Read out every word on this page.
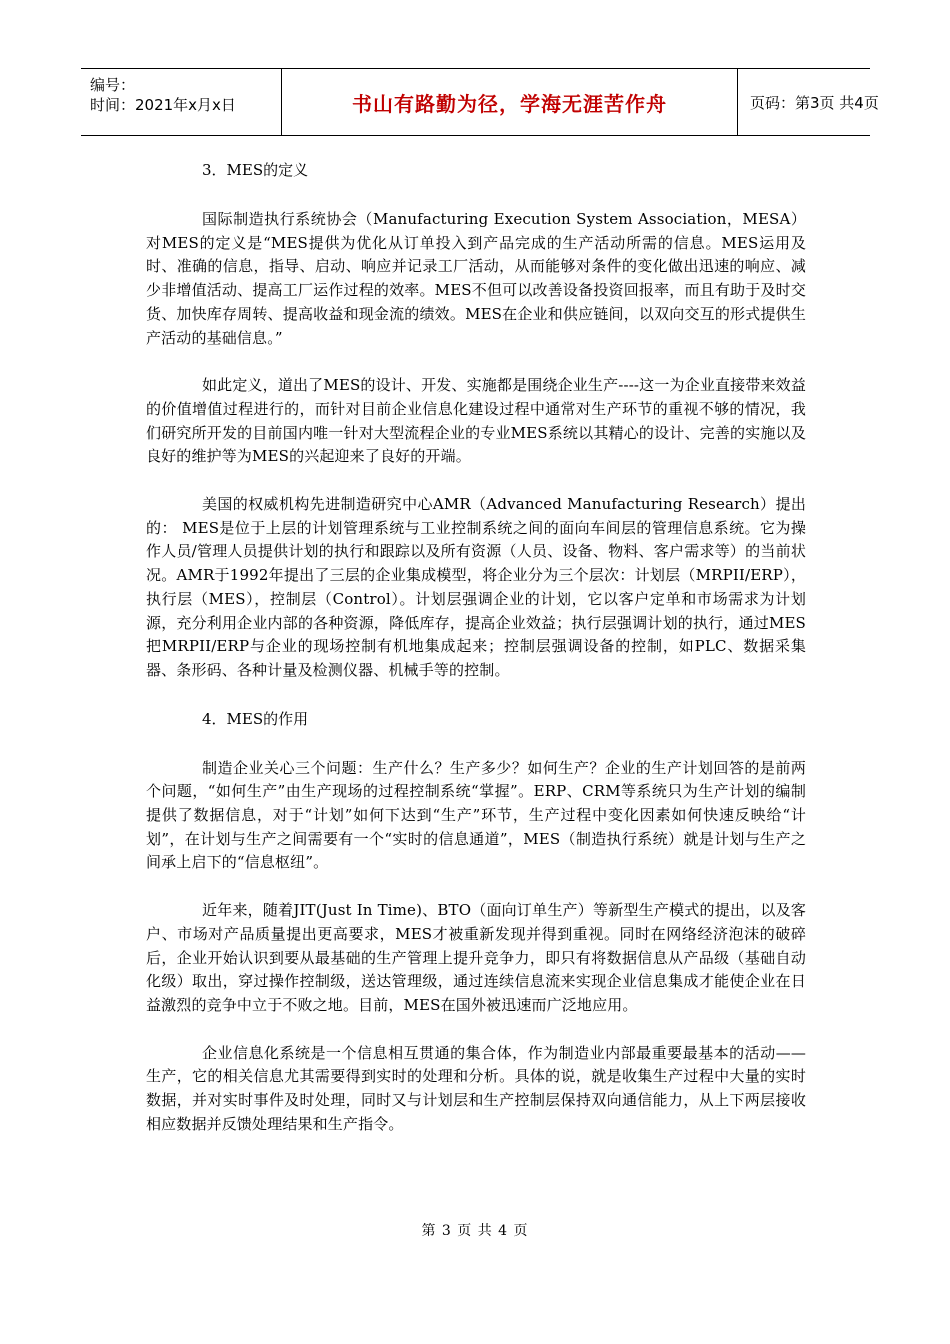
编号：
时间：2021年x月x日	书山有路勤为径，学海无涯苦作舟	页码：第3页 共4页
3．MES的定义

国际制造执行系统协会（Manufacturing Execution System Association，MESA）对MES的定义是“MES提供为优化从订单投入到产品完成的生产活动所需的信息。MES运用及时、准确的信息，指导、启动、响应并记录工厂活动，从而能够对条件的变化做出迅速的响应、减少非增值活动、提高工厂运作过程的效率。MES不但可以改善设备投资回报率，而且有助于及时交货、加快库存周转、提高收益和现金流的绩效。MES在企业和供应链间，以双向交互的形式提供生产活动的基础信息。”

如此定义，道出了MES的设计、开发、实施都是围绕企业生产----这一为企业直接带来效益的价值增值过程进行的，而针对目前企业信息化建设过程中通常对生产环节的重视不够的情况，我们研究所开发的目前国内唯一针对大型流程企业的专业MES系统以其精心的设计、完善的实施以及良好的维护等为MES的兴起迎来了良好的开端。

美国的权威机构先进制造研究中心AMR（Advanced Manufacturing Research）提出的： MES是位于上层的计划管理系统与工业控制系统之间的面向车间层的管理信息系统。它为操作人员/管理人员提供计划的执行和跟踪以及所有资源（人员、设备、物料、客户需求等）的当前状况。AMR于1992年提出了三层的企业集成模型，将企业分为三个层次：计划层（MRPII/ERP），执行层（MES），控制层（Control）。计划层强调企业的计划，它以客户定单和市场需求为计划源，充分利用企业内部的各种资源，降低库存，提高企业效益；执行层强调计划的执行，通过MES把MRPII/ERP与企业的现场控制有机地集成起来；控制层强调设备的控制，如PLC、数据采集器、条形码、各种计量及检测仪器、机械手等的控制。

4．MES的作用

制造企业关心三个问题：生产什么？生产多少？如何生产？企业的生产计划回答的是前两个问题，“如何生产”由生产现场的过程控制系统“掌握”。ERP、CRM等系统只为生产计划的编制提供了数据信息，对于“计划”如何下达到“生产”环节，生产过程中变化因素如何快速反映给“计划”，在计划与生产之间需要有一个“实时的信息通道”，MES（制造执行系统）就是计划与生产之间承上启下的“信息枢纽”。

近年来，随着JIT(Just In Time)、BTO（面向订单生产）等新型生产模式的提出，以及客户、市场对产品质量提出更高要求，MES才被重新发现并得到重视。同时在网络经济泡沫的破碎后，企业开始认识到要从最基础的生产管理上提升竞争力，即只有将数据信息从产品级（基础自动化级）取出，穿过操作控制级，送达管理级，通过连续信息流来实现企业信息集成才能使企业在日益激烈的竞争中立于不败之地。目前，MES在国外被迅速而广泛地应用。

企业信息化系统是一个信息相互贯通的集合体，作为制造业内部最重要最基本的活动——生产，它的相关信息尤其需要得到实时的处理和分析。具体的说，就是收集生产过程中大量的实时数据，并对实时事件及时处理，同时又与计划层和生产控制层保持双向通信能力，从上下两层接收相应数据并反馈处理结果和生产指令。

第 3 页 共 4 页
